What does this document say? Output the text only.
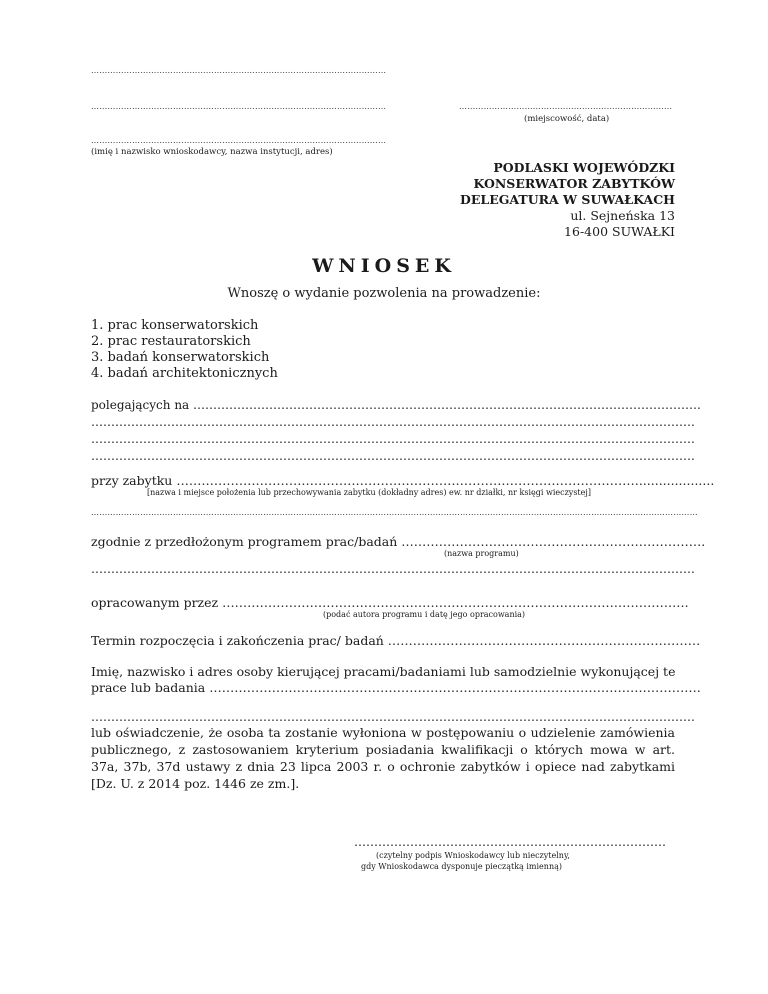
………………………………………………………………………………………………
………………………………………………………………………………………………
………………………………………………………………………………………………
(imię i nazwisko wnioskodawcy, nazwa instytucji, adres)
……………………………………………………………………
(miejscowość, data)
PODLASKI WOJEWÓDZKI
KONSERWATOR ZABYTKÓW
DELEGATURA W SUWAŁKACH
ul. Sejneńska 13
16-400 SUWAŁKI
WNIOSEK
Wnoszę o wydanie pozwolenia na prowadzenie:
1. prac konserwatorskich
2. prac restauratorskich
3. badań konserwatorskich
4. badań architektonicznych
polegających na ……………………………………………………………………………………………………………….
…………………………………………………………………………………………………………………………………….
…………………………………………………………………………………………………………………………………….
…………………………………………………………………………………………………………………………………….
przy zabytku …………………………………………………………………………………………………...................
[nazwa i miejsce położenia lub przechowywania zabytku (dokładny adres) ew. nr działki, nr księgi wieczystej]
……………………………………………………………………………………………………………………………………………………………………………………………………
zgodnie z przedłożonym programem prac/badań ……………………………………………………………….
(nazwa programu)
…………………………………………………………………………………………………………………………………….
opracowanym przez ………………………………………………………………………………………………….
(podać autora programu i datę jego opracowania)
Termin rozpoczęcia i zakończenia prac/ badań …………………………………………………………………
Imię, nazwisko i adres osoby kierującej pracami/badaniami lub samodzielnie wykonującej te
prace lub badania ……………………………………………………………………………………………………….
…………………………………………………………………………………………………………………………………….
lub oświadczenie, że osoba ta zostanie wyłoniona w postępowaniu o udzielenie zamówienia publicznego, z zastosowaniem kryterium posiadania kwalifikacji o których mowa w art. 37a, 37b, 37d ustawy z dnia 23 lipca 2003 r. o ochronie zabytków i opiece nad zabytkami [Dz. U. z 2014 poz. 1446 ze zm.].
……………………………………………………………………
(czytelny podpis Wnioskodawcy lub nieczytelny,
gdy Wnioskodawca dysponuje pieczątką imienną)
